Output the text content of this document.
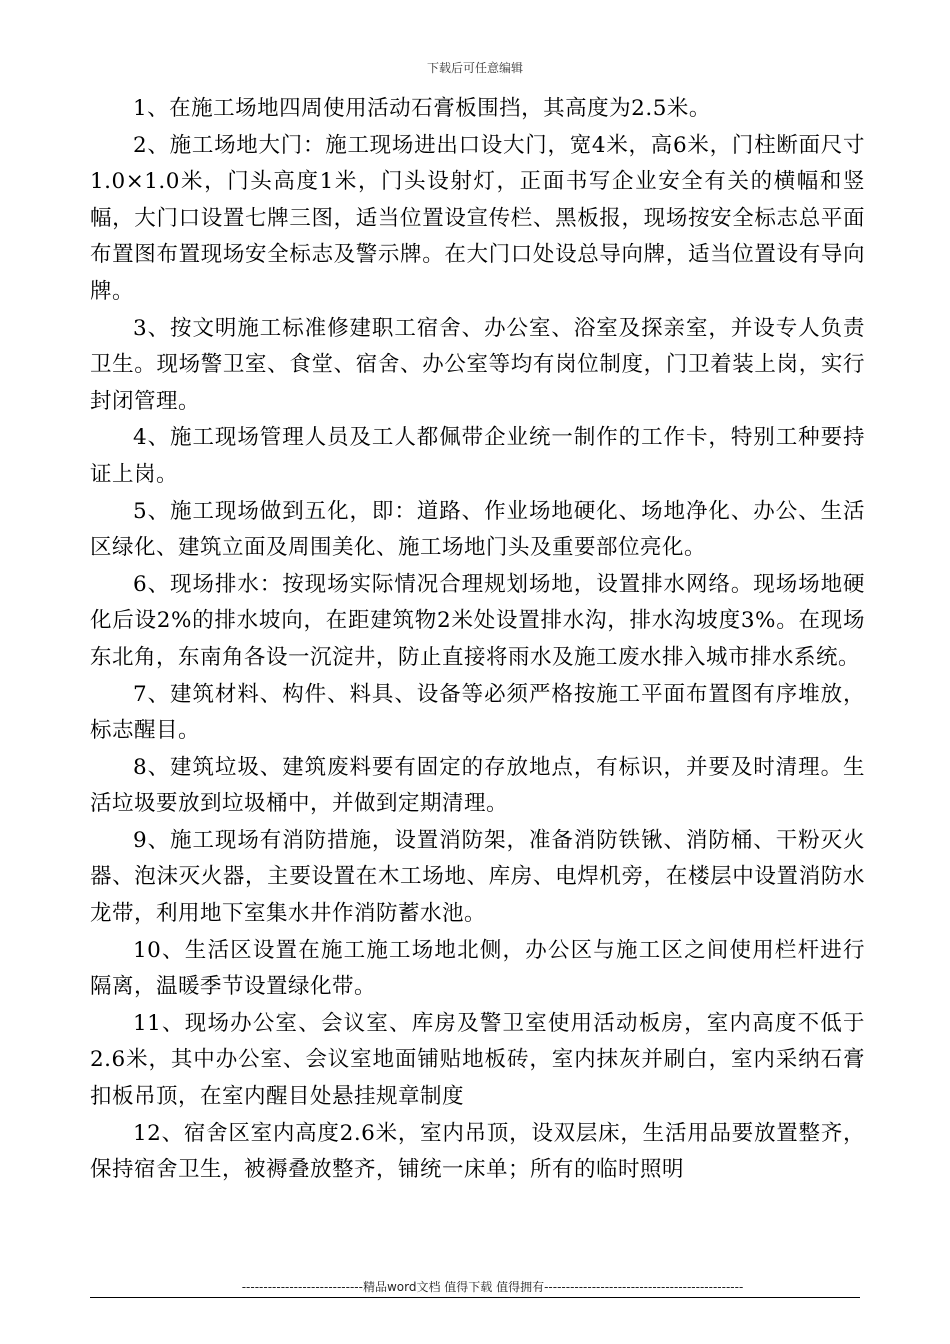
下载后可任意编辑

1、在施工场地四周使用活动石膏板围挡，其高度为2.5米。

2、施工场地大门：施工现场进出口设大门，宽4米，高6米，门柱断面尺寸1.0×1.0米，门头高度1米，门头设射灯，正面书写企业安全有关的横幅和竖幅，大门口设置七牌三图，适当位置设宣传栏、黑板报，现场按安全标志总平面布置图布置现场安全标志及警示牌。在大门口处设总导向牌，适当位置设有导向牌。

3、按文明施工标准修建职工宿舍、办公室、浴室及探亲室，并设专人负责卫生。现场警卫室、食堂、宿舍、办公室等均有岗位制度，门卫着装上岗，实行封闭管理。

4、施工现场管理人员及工人都佩带企业统一制作的工作卡，特别工种要持证上岗。

5、施工现场做到五化，即：道路、作业场地硬化、场地净化、办公、生活区绿化、建筑立面及周围美化、施工场地门头及重要部位亮化。

6、现场排水：按现场实际情况合理规划场地，设置排水网络。现场场地硬化后设2%的排水坡向，在距建筑物2米处设置排水沟，排水沟坡度3%。在现场东北角，东南角各设一沉淀井，防止直接将雨水及施工废水排入城市排水系统。

7、建筑材料、构件、料具、设备等必须严格按施工平面布置图有序堆放，标志醒目。

8、建筑垃圾、建筑废料要有固定的存放地点，有标识，并要及时清理。生活垃圾要放到垃圾桶中，并做到定期清理。

9、施工现场有消防措施，设置消防架，准备消防铁锹、消防桶、干粉灭火器、泡沫灭火器，主要设置在木工场地、库房、电焊机旁，在楼层中设置消防水龙带，利用地下室集水井作消防蓄水池。

10、生活区设置在施工施工场地北侧，办公区与施工区之间使用栏杆进行隔离，温暖季节设置绿化带。

11、现场办公室、会议室、库房及警卫室使用活动板房，室内高度不低于2.6米，其中办公室、会议室地面铺贴地板砖，室内抹灰并刷白，室内采纳石膏扣板吊顶，在室内醒目处悬挂规章制度

12、宿舍区室内高度2.6米，室内吊顶，设双层床，生活用品要放置整齐，保持宿舍卫生，被褥叠放整齐，铺统一床单；所有的临时照明

----------------------------精品word文档 值得下载 值得拥有----------------------------------------------
